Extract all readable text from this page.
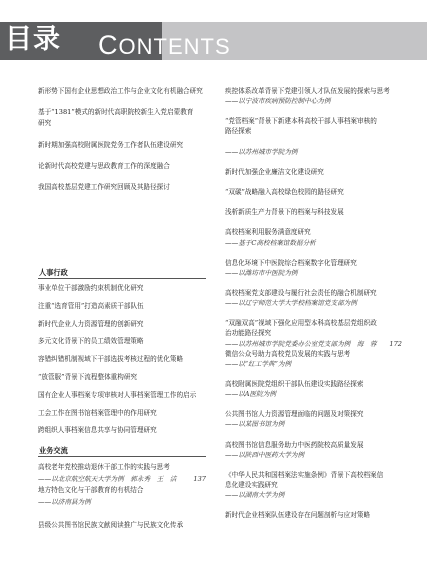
目录 CONTENTS
新形势下国有企业思想政治工作与企业文化有机融合研究
基于“1381”模式的新时代高职院校新生入党启蒙教育
研究
新时期加强高校附属医院党务工作者队伍建设研究
论新时代高校党建与思政教育工作的深度融合
我国高校基层党建工作研究回顾及其路径探讨
人事行政
事业单位干部激励约束机制优化研究
注重“选育管用”打造高素质干部队伍
新时代企业人力资源管理的创新研究
多元文化背景下的员工绩效管理策略
容错纠错机制视域下干部选拔考核过程的优化策略
“放管服”背景下流程整体重构研究
国有企业人事档案专项审核对人事档案管理工作的启示
工会工作在图书馆档案管理中的作用研究
跨组织人事档案信息共享与协同管理研究
业务交流
高校老年党校推动退休干部工作的实践与思考
——以北京航空航天大学为例　郭永秀　王　洁	137
地方特色文化与干部教育的有机结合
——以济南县为例
县级公共图书馆民族文献阅读推广与民族文化传承
疾控体系改革背景下党建引领人才队伍发展的探索与思考
——以宁波市疾病预防控制中心为例
“党管档案”背景下新建本科高校干部人事档案审核的
路径探索
——以苏州城市学院为例
新时代加强企业廉洁文化建设研究
“双碳”战略融入高校绿色校园的路径研究
浅析新质生产力背景下的档案与科技发展
高校档案利用服务满意度研究
——基于C高校档案馆数据分析
信息化环境下中医院综合档案数字化管理研究
——以潍坊市中医院为例
高校档案党支部建设与履行社会责任的融合机制研究
——以辽宁师范大学大学校档案馆党支部为例
“双融双高”视域下强化应用型本科高校基层党组织政
治功能路径探究
——以苏州城市学院党委办公室党支部为例　海　蓉 172
微信公众号助力高校党员发展的实践与思考
——以“红工学典”为例
高校附属医院党组织干部队伍建设实践路径探索
——以A医院为例
公共图书馆人力资源管理面临的问题及对策探究
——以某图书馆为例
高校图书馆信息服务助力中医药院校高质量发展
——以陕西中医药大学为例
《中华人民共和国档案法实施条例》背景下高校档案信
息化建设实践研究
——以湖南大学为例
新时代企业档案队伍建设存在问题剖析与应对策略
